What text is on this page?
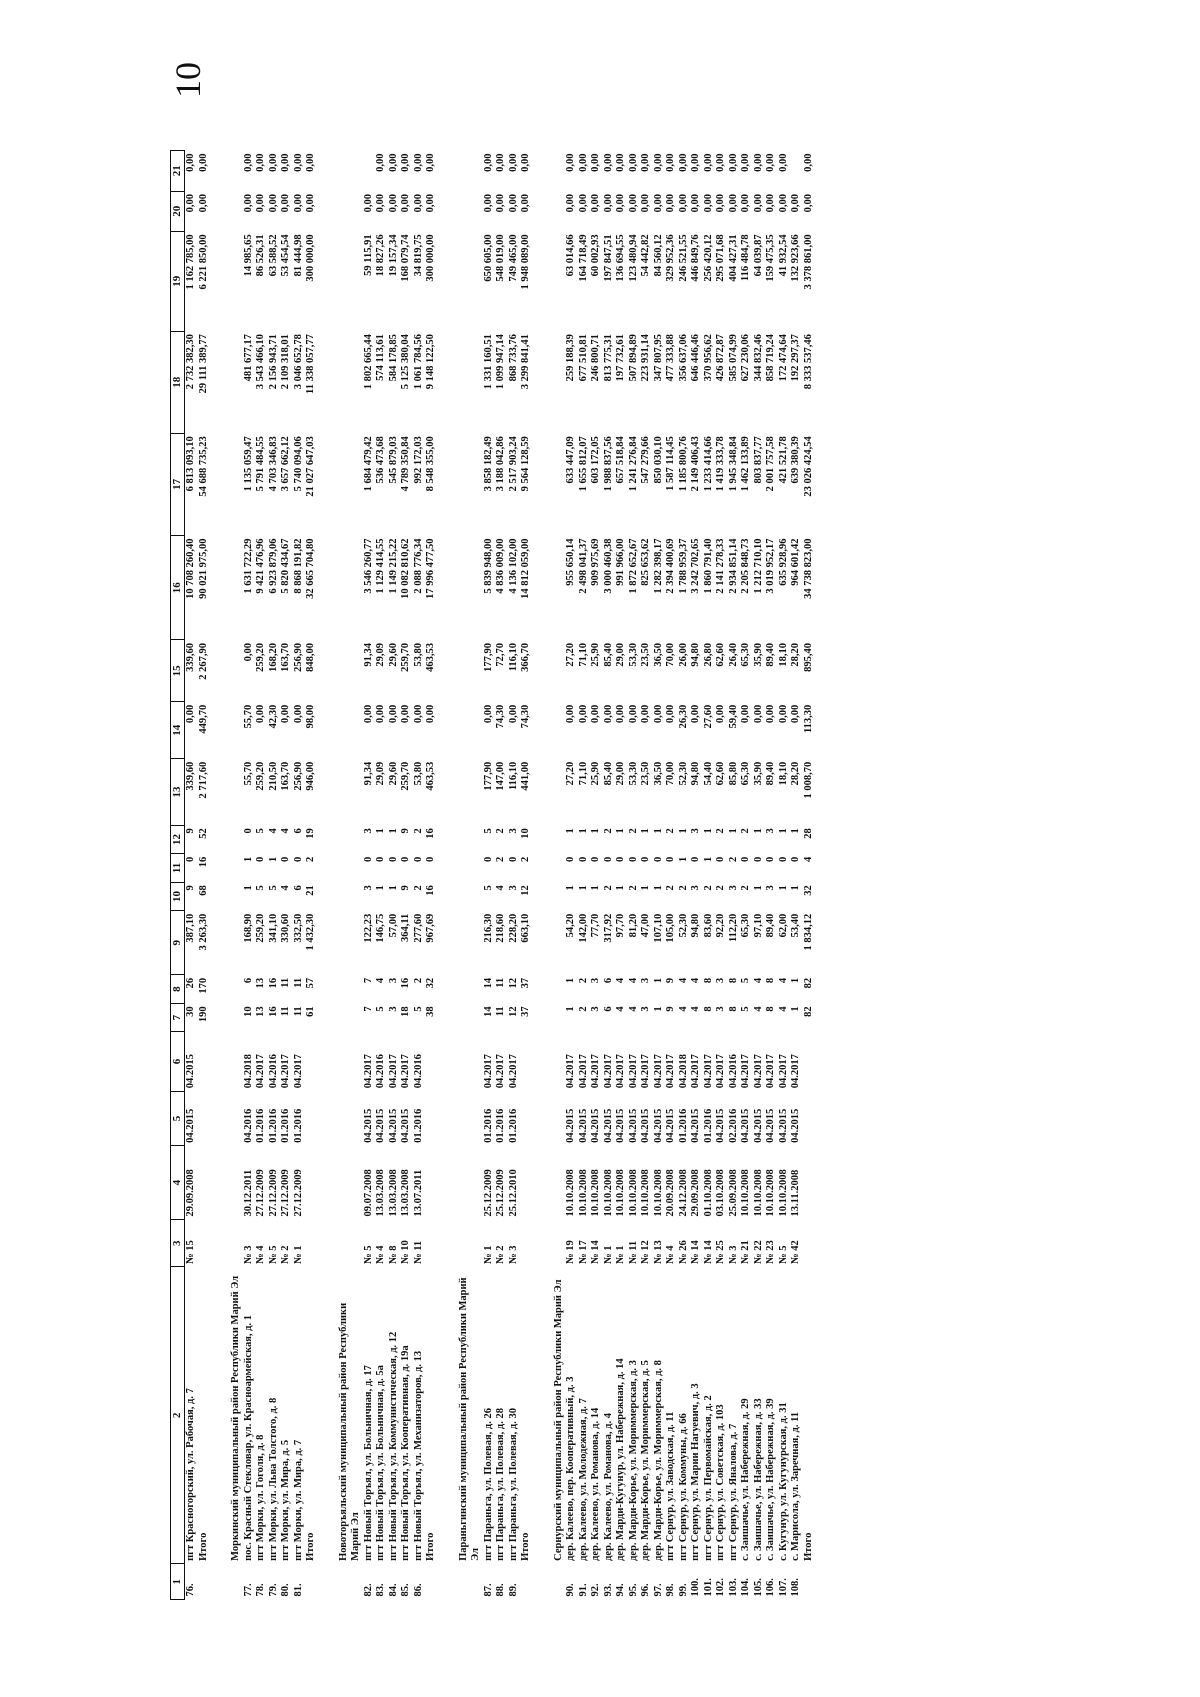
10
1	2	3	4	5	6	7	8	9	10	11	12	13	14	15	16	17	18	19	20	21
76.	пгт Красногорский, ул. Рабочая, д. 7	№ 15	29.09.2008	04.2015	04.2015	30	26	387,10	9	0	9	339,60	0,00	339,60	10 708 260,40	6 813 093,10	2 732 382,30	1 162 785,00	0,00	0,00
	Итого					190	170	3 263,30	68	16	52	2 717,60	449,70	2 267,90	90 021 975,00	54 688 735,23	29 111 389,77	6 221 850,00	0,00	0,00
	Моркинский муниципальный район Республики Марий Эл																			
77.	пос. Красный Стекловар, ул. Красноармейская, д. 1	№ 3	30.12.2011	04.2016	04.2018	10	6	168,90	1	1	0	55,70	55,70	0,00	1 631 722,29	1 135 059,47	481 677,17	14 985,65	0,00	0,00
78.	пгт Морки, ул. Гоголя, д. 8	№ 4	27.12.2009	01.2016	04.2017	13	13	259,20	5	0	5	259,20	0,00	259,20	9 421 476,96	5 791 484,55	3 543 466,10	86 526,31	0,00	0,00
79.	пгт Морки, ул. Льва Толстого, д. 8	№ 5	27.12.2009	01.2016	04.2016	16	16	341,10	5	1	4	210,50	42,30	168,20	6 923 879,06	4 703 346,83	2 156 943,71	63 588,52	0,00	0,00
80.	пгт Морки, ул. Мира, д. 5	№ 2	27.12.2009	01.2016	04.2017	11	11	330,60	4	0	4	163,70	0,00	163,70	5 820 434,67	3 657 662,12	2 109 318,01	53 454,54	0,00	0,00
81.	пгт Морки, ул. Мира, д. 7	№ 1	27.12.2009	01.2016	04.2017	11	11	332,50	6	0	6	256,90	0,00	256,90	8 868 191,82	5 740 094,06	3 046 652,78	81 444,98	0,00	0,00
	Итого					61	57	1 432,30	21	2	19	946,00	98,00	848,00	32 665 704,80	21 027 647,03	11 338 057,77	300 000,00	0,00	0,00
	Новоторъяльский муниципальный район Республики Марий Эл																			
82.	пгт Новый Торъял, ул. Больничная, д. 17	№ 5	09.07.2008	04.2015	04.2017	7	7	122,23	3	0	3	91,34	0,00	91,34	3 546 260,77	1 684 479,42	1 802 665,44	59 115,91	0,00	
83.	пгт Новый Торъял, ул. Больничная, д. 5а	№ 4	13.03.2008	04.2015	04.2016	5	4	146,75	1	0	1	29,09	0,00	29,09	1 129 414,55	536 473,68	574 113,61	18 827,26	0,00	0,00
84.	пгт Новый Торъял, ул. Коммунистическая, д. 12	№ 8	13.03.2008	04.2015	04.2017	3	3	57,00	1	0	1	29,60	0,00	29,60	1 149 215,22	545 879,03	584 178,85	19 157,34	0,00	0,00
85.	пгт Новый Торъял, ул. Кооперативная, д. 19а	№ 10	13.03.2008	04.2015	04.2017	18	16	364,11	9	0	9	259,70	0,00	259,70	10 082 810,62	4 789 350,84	5 125 380,04	168 079,74	0,00	0,00
86.	пгт Новый Торъял, ул. Механизаторов, д. 13	№ 11	13.07.2011	01.2016	04.2016	5	2	277,60	2	0	2	53,80	0,00	53,80	2 088 776,34	992 172,03	1 061 784,56	34 819,75	0,00	0,00
	Итого					38	32	967,69	16	0	16	463,53	0,00	463,53	17 996 477,50	8 548 355,00	9 148 122,50	300 000,00	0,00	0,00
	Параньгинский муниципальный район Республики Марий Эл																			
87.	пгт Параньга, ул. Полевая, д. 26	№ 1	25.12.2009	01.2016	04.2017	14	14	216,30	5	0	5	177,90	0,00	177,90	5 839 948,00	3 858 182,49	1 331 160,51	650 605,00	0,00	0,00
88.	пгт Параньга, ул. Полевая, д. 28	№ 2	25.12.2009	01.2016	04.2017	11	11	218,60	4	2	2	147,00	74,30	72,70	4 836 009,00	3 188 042,86	1 099 947,14	548 019,00	0,00	0,00
89.	пгт Параньга, ул. Полевая, д. 30	№ 3	25.12.2010	01.2016	04.2017	12	12	228,20	3	0	3	116,10	0,00	116,10	4 136 102,00	2 517 903,24	868 733,76	749 465,00	0,00	0,00
	Итого					37	37	663,10	12	2	10	441,00	74,30	366,70	14 812 059,00	9 564 128,59	3 299 841,41	1 948 089,00	0,00	0,00
	Сернурский муниципальный район Республики Марий Эл																			
90.	дер. Калеево, пер. Кооперативный, д. 3	№ 19	10.10.2008	04.2015	04.2017	1	1	54,20	1	0	1	27,20	0,00	27,20	955 650,14	633 447,09	259 188,39	63 014,66	0,00	0,00
91.	дер. Калеево, ул. Молодежная, д. 7	№ 17	10.10.2008	04.2015	04.2017	2	2	142,00	1	0	1	71,10	0,00	71,10	2 498 041,37	1 655 812,07	677 510,81	164 718,49	0,00	0,00
92.	дер. Калеево, ул. Романова, д. 14	№ 14	10.10.2008	04.2015	04.2017	3	3	77,70	1	0	1	25,90	0,00	25,90	909 975,69	603 172,05	246 800,71	60 002,93	0,00	0,00
93.	дер. Калеево, ул. Романова, д. 4	№ 1	10.10.2008	04.2015	04.2017	6	6	317,92	2	0	2	85,40	0,00	85,40	3 000 460,38	1 988 837,56	813 775,31	197 847,51	0,00	0,00
94.	дер. Марди-Кугунур, ул. Набережная, д. 14	№ 1	10.10.2008	04.2015	04.2017	4	4	97,70	1	0	1	29,00	0,00	29,00	991 966,00	657 518,84	197 732,61	136 694,55	0,00	0,00
95.	дер. Марди-Корье, ул. Мориммерская, д. 3	№ 11	10.10.2008	04.2015	04.2017	4	4	81,20	2	0	2	53,30	0,00	53,30	1 872 652,67	1 241 276,84	507 894,89	123 480,94	0,00	0,00
96.	дер. Марди-Корье, ул. Мориммерская, д. 5	№ 12	10.10.2008	04.2015	04.2017	3	3	47,00	1	0	1	23,50	0,00	23,50	825 653,62	547 279,66	223 931,14	54 442,82	0,00	0,00
97.	дер. Марди-Корье, ул. Мориммерская, д. 8	№ 13	10.10.2008	04.2015	04.2017	1	1	107,10	1	0	1	36,50	0,00	36,50	1 282 398,17	850 030,10	347 807,95	84 560,12	0,00	0,00
98.	пгт Сернур, ул. Заводская, д. 11	№ 4	20.09.2008	04.2015	04.2017	9	9	105,00	2	0	2	70,00	0,00	70,00	2 394 400,69	1 587 114,45	477 333,88	329 952,36	0,00	0,00
99.	пгт Сернур, ул. Коммуны, д. 66	№ 26	24.12.2008	01.2016	04.2018	4	4	52,30	2	1	1	52,30	26,30	26,00	1 788 959,37	1 185 800,76	356 637,06	246 521,55	0,00	0,00
100.	пгт Сернур, ул. Марии Нагуевич, д. 3	№ 14	29.09.2008	04.2015	04.2017	4	4	94,80	3	0	3	94,80	0,00	94,80	3 242 702,65	2 149 406,43	646 446,46	446 849,76	0,00	0,00
101.	пгт Сернур, ул. Первомайская, д. 2	№ 14	01.10.2008	01.2016	04.2017	8	8	83,60	2	1	1	54,40	27,60	26,80	1 860 791,40	1 233 414,66	370 956,62	256 420,12	0,00	0,00
102.	пгт Сернур, ул. Советская, д. 103	№ 25	03.10.2008	04.2015	04.2017	3	3	92,20	2	0	2	62,60	0,00	62,60	2 141 278,33	1 419 333,78	426 872,87	295 071,68	0,00	0,00
103.	пгт Сернур, ул. Яналова, д. 7	№ 3	25.09.2008	02.2016	04.2016	8	8	112,20	3	2	1	85,80	59,40	26,40	2 934 851,14	1 945 348,84	585 074,99	404 427,31	0,00	0,00
104.	с. Заишачье, ул. Набережная, д. 29	№ 21	10.10.2008	04.2015	04.2017	5	5	65,30	2	0	2	65,30	0,00	65,30	2 205 848,73	1 462 133,89	627 230,06	116 484,78	0,00	0,00
105.	с. Заишачье, ул. Набережная, д. 33	№ 22	10.10.2008	04.2015	04.2017	4	4	97,10	1	0	1	35,90	0,00	35,90	1 212 710,10	803 837,77	344 832,46	64 039,87	0,00	0,00
106.	с. Заишачье, ул. Набережная, д. 39	№ 23	10.10.2008	04.2015	04.2017	8	8	89,40	3	0	3	89,40	0,00	89,40	3 019 952,17	2 001 757,58	858 719,24	159 475,35	0,00	0,00
107.	с. Кугунур, ул. Кугунурская, д. 31	№ 5	10.10.2008	04.2015	04.2017	4	4	62,00	1	0	1	18,10	0,00	18,10	635 928,96	421 521,78	172 474,64	41 932,54	0,00	0,00
108.	с. Марисола, ул. Заречная, д. 11	№ 42	13.11.2008	04.2015	04.2017	1	1	53,40	1	0	1	28,20	0,00	28,20	964 601,42	639 380,39	192 297,37	132 923,66	0,00	
	Итого					82	82	1 834,12	32	4	28	1 008,70	113,30	895,40	34 738 823,00	23 026 424,54	8 333 537,46	3 378 861,00	0,00	0,00
